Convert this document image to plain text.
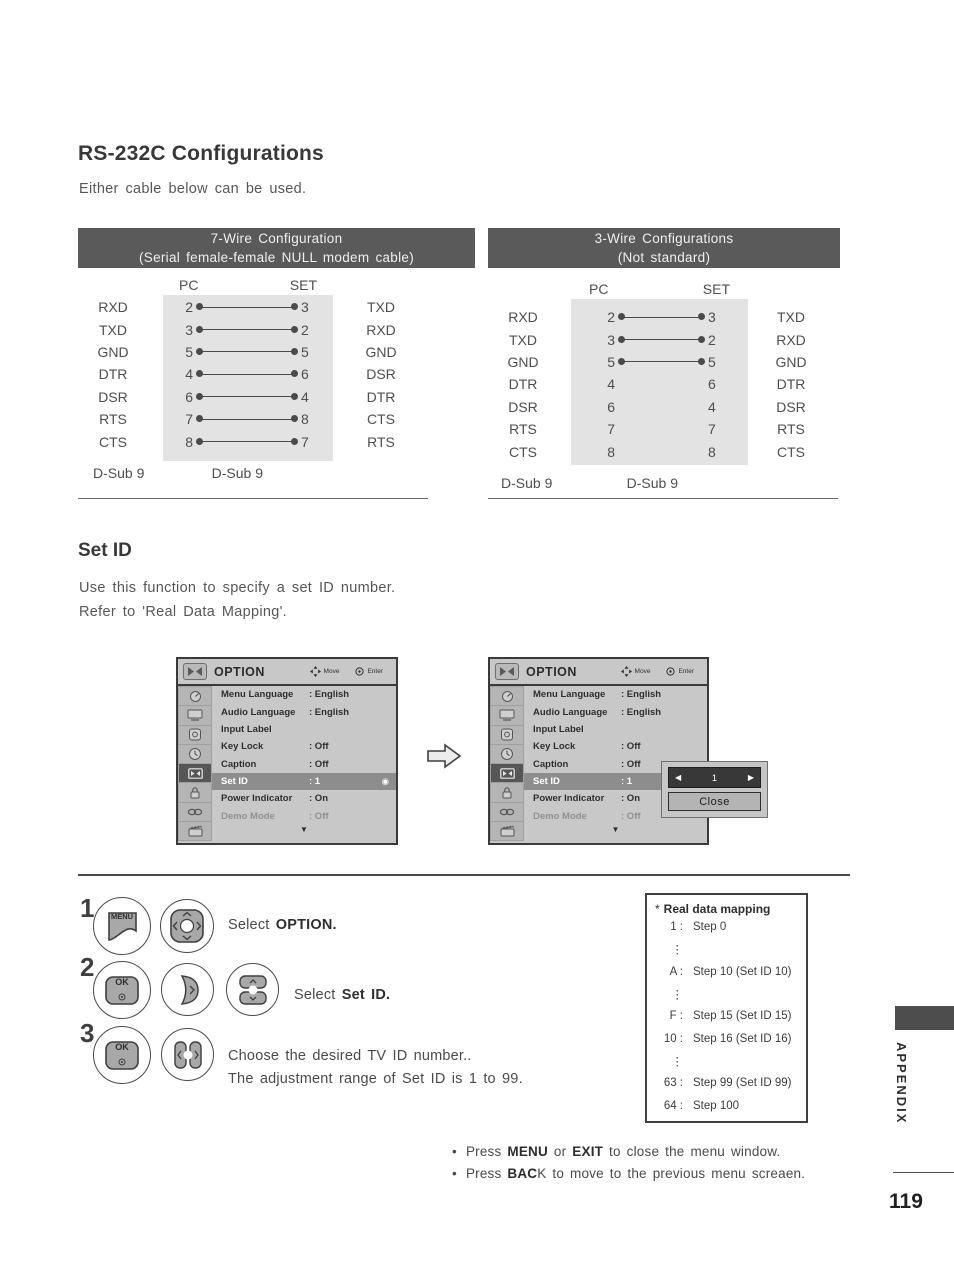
RS-232C Configurations
Either cable below can be used.
7-Wire Configuration
(Serial female-female NULL modem cable)
3-Wire Configurations
(Not standard)
PC	SET
RXD	2	3	TXD
TXD	3	2	RXD
GND	5	5	GND
DTR	4	6	DSR
DSR	6	4	DTR
RTS	7	8	CTS
CTS	8	7	RTS
D-Sub 9	D-Sub 9
PC	SET
RXD	2	3	TXD
TXD	3	2	RXD
GND	5	5	GND
DTR	4	6	DTR
DSR	6	4	DSR
RTS	7	7	RTS
CTS	8	8	CTS
D-Sub 9	D-Sub 9
Set ID
Use this function to specify a set ID number.
Refer to 'Real Data Mapping'.
OPTION	Move	Enter
Menu Language	: English
Audio Language	: English
Input Label
Key Lock	: Off
Caption	: Off
Set ID	: 1	◉
Power Indicator	: On
Demo Mode	: Off
▼
OPTION	Move	Enter
Menu Language	: English
Audio Language	: English
Input Label
Key Lock	: Off
Caption	: Off
Set ID	: 1
Power Indicator	: On
Demo Mode	: Off
▼
◀	1	▶
Close
1 MENU
Select OPTION.
2 OK
Select Set ID.
3 OK
Choose the desired TV ID number..
The adjustment range of Set ID is 1 to 99.
* Real data mapping
1 : Step 0
⋮
A : Step 10 (Set ID 10)
⋮
F : Step 15 (Set ID 15)
10 : Step 16 (Set ID 16)
⋮
63 : Step 99 (Set ID 99)
64 : Step 100
• Press MENU or EXIT to close the menu window.
• Press BACK to move to the previous menu screaen.
APPENDIX
119
